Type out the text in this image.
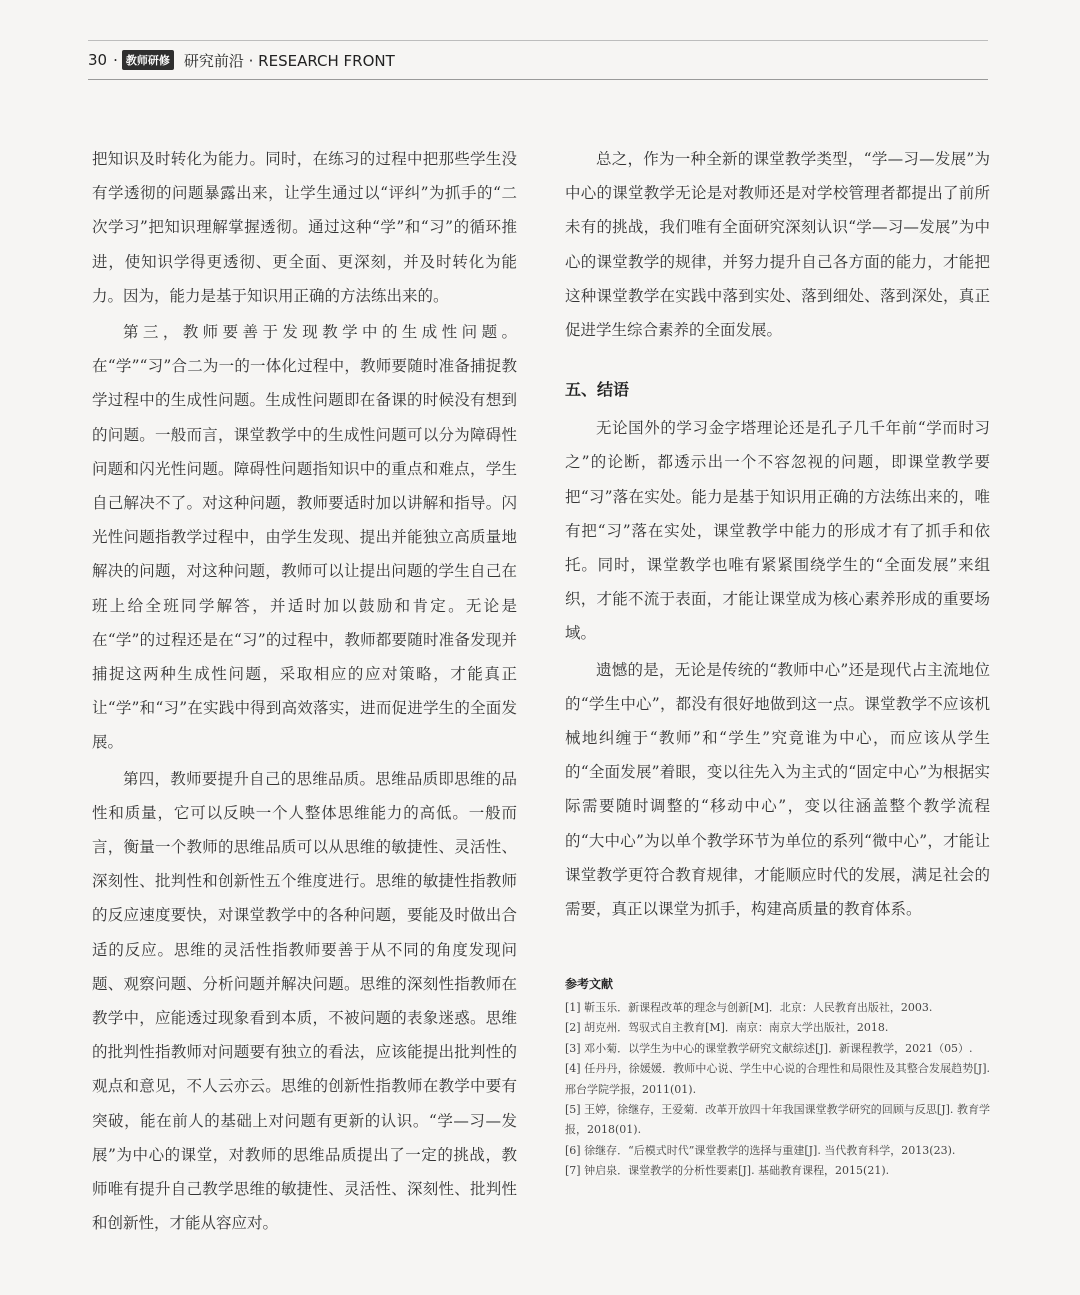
30 · 教师研修 研究前沿 · RESEARCH FRONT

把知识及时转化为能力。同时，在练习的过程中把那些学生没有学透彻的问题暴露出来，让学生通过以“评纠”为抓手的“二次学习”把知识理解掌握透彻。通过这种“学”和“习”的循环推进，使知识学得更透彻、更全面、更深刻，并及时转化为能力。因为，能力是基于知识用正确的方法练出来的。

第三，教师要善于发现教学中的生成性问题。在“学”“习”合二为一的一体化过程中，教师要随时准备捕捉教学过程中的生成性问题。生成性问题即在备课的时候没有想到的问题。一般而言，课堂教学中的生成性问题可以分为障碍性问题和闪光性问题。障碍性问题指知识中的重点和难点，学生自己解决不了。对这种问题，教师要适时加以讲解和指导。闪光性问题指教学过程中，由学生发现、提出并能独立高质量地解决的问题，对这种问题，教师可以让提出问题的学生自己在班上给全班同学解答，并适时加以鼓励和肯定。无论是在“学”的过程还是在“习”的过程中，教师都要随时准备发现并捕捉这两种生成性问题，采取相应的应对策略，才能真正让“学”和“习”在实践中得到高效落实，进而促进学生的全面发展。

第四，教师要提升自己的思维品质。思维品质即思维的品性和质量，它可以反映一个人整体思维能力的高低。一般而言，衡量一个教师的思维品质可以从思维的敏捷性、灵活性、深刻性、批判性和创新性五个维度进行。思维的敏捷性指教师的反应速度要快，对课堂教学中的各种问题，要能及时做出合适的反应。思维的灵活性指教师要善于从不同的角度发现问题、观察问题、分析问题并解决问题。思维的深刻性指教师在教学中，应能透过现象看到本质，不被问题的表象迷惑。思维的批判性指教师对问题要有独立的看法，应该能提出批判性的观点和意见，不人云亦云。思维的创新性指教师在教学中要有突破，能在前人的基础上对问题有更新的认识。“学—习—发展”为中心的课堂，对教师的思维品质提出了一定的挑战，教师唯有提升自己教学思维的敏捷性、灵活性、深刻性、批判性和创新性，才能从容应对。

总之，作为一种全新的课堂教学类型，“学—习—发展”为中心的课堂教学无论是对教师还是对学校管理者都提出了前所未有的挑战，我们唯有全面研究深刻认识“学—习—发展”为中心的课堂教学的规律，并努力提升自己各方面的能力，才能把这种课堂教学在实践中落到实处、落到细处、落到深处，真正促进学生综合素养的全面发展。

五、结语

无论国外的学习金字塔理论还是孔子几千年前“学而时习之”的论断，都透示出一个不容忽视的问题，即课堂教学要把“习”落在实处。能力是基于知识用正确的方法练出来的，唯有把“习”落在实处，课堂教学中能力的形成才有了抓手和依托。同时，课堂教学也唯有紧紧围绕学生的“全面发展”来组织，才能不流于表面，才能让课堂成为核心素养形成的重要场域。

遗憾的是，无论是传统的“教师中心”还是现代占主流地位的“学生中心”，都没有很好地做到这一点。课堂教学不应该机械地纠缠于“教师”和“学生”究竟谁为中心，而应该从学生的“全面发展”着眼，变以往先入为主式的“固定中心”为根据实际需要随时调整的“移动中心”，变以往涵盖整个教学流程的“大中心”为以单个教学环节为单位的系列“微中心”，才能让课堂教学更符合教育规律，才能顺应时代的发展，满足社会的需要，真正以课堂为抓手，构建高质量的教育体系。

参考文献

[1] 靳玉乐．新课程改革的理念与创新[M]．北京：人民教育出版社，2003.

[2] 胡克州．驾驭式自主教育[M]．南京：南京大学出版社，2018.

[3] 邓小菊．以学生为中心的课堂教学研究文献综述[J]．新课程教学，2021（05）.

[4] 任丹丹，徐媛媛．教师中心说、学生中心说的合理性和局限性及其整合发展趋势[J]. 邢台学院学报，2011(01).

[5] 王婷，徐继存，王爱菊．改革开放四十年我国课堂教学研究的回顾与反思[J]. 教育学报，2018(01).

[6] 徐继存．“后模式时代”课堂教学的选择与重建[J]. 当代教育科学，2013(23).

[7] 钟启泉．课堂教学的分析性要素[J]. 基础教育课程，2015(21).
